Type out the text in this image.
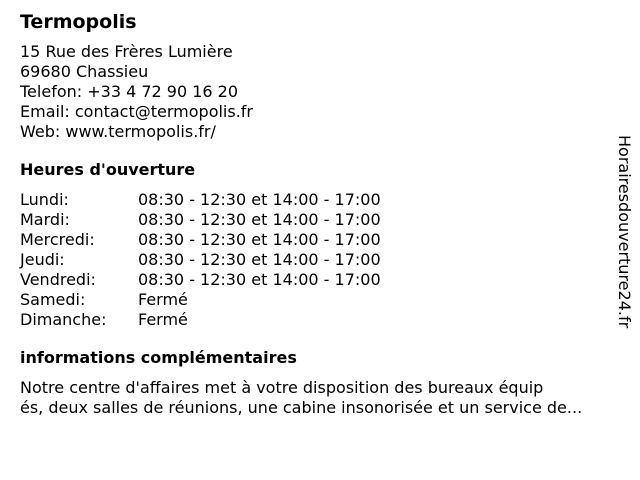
Termopolis
15 Rue des Frères Lumière
69680 Chassieu
Telefon: +33 4 72 90 16 20
Email: contact@termopolis.fr
Web: www.termopolis.fr/
Heures d'ouverture
Lundi:	08:30 - 12:30 et 14:00 - 17:00
Mardi:	08:30 - 12:30 et 14:00 - 17:00
Mercredi:	08:30 - 12:30 et 14:00 - 17:00
Jeudi:	08:30 - 12:30 et 14:00 - 17:00
Vendredi:	08:30 - 12:30 et 14:00 - 17:00
Samedi:	Fermé
Dimanche:	Fermé
informations complémentaires
Notre centre d'affaires met à votre disposition des bureaux équip
és, deux salles de réunions, une cabine insonorisée et un service de...
Horairesdouverture24.fr
